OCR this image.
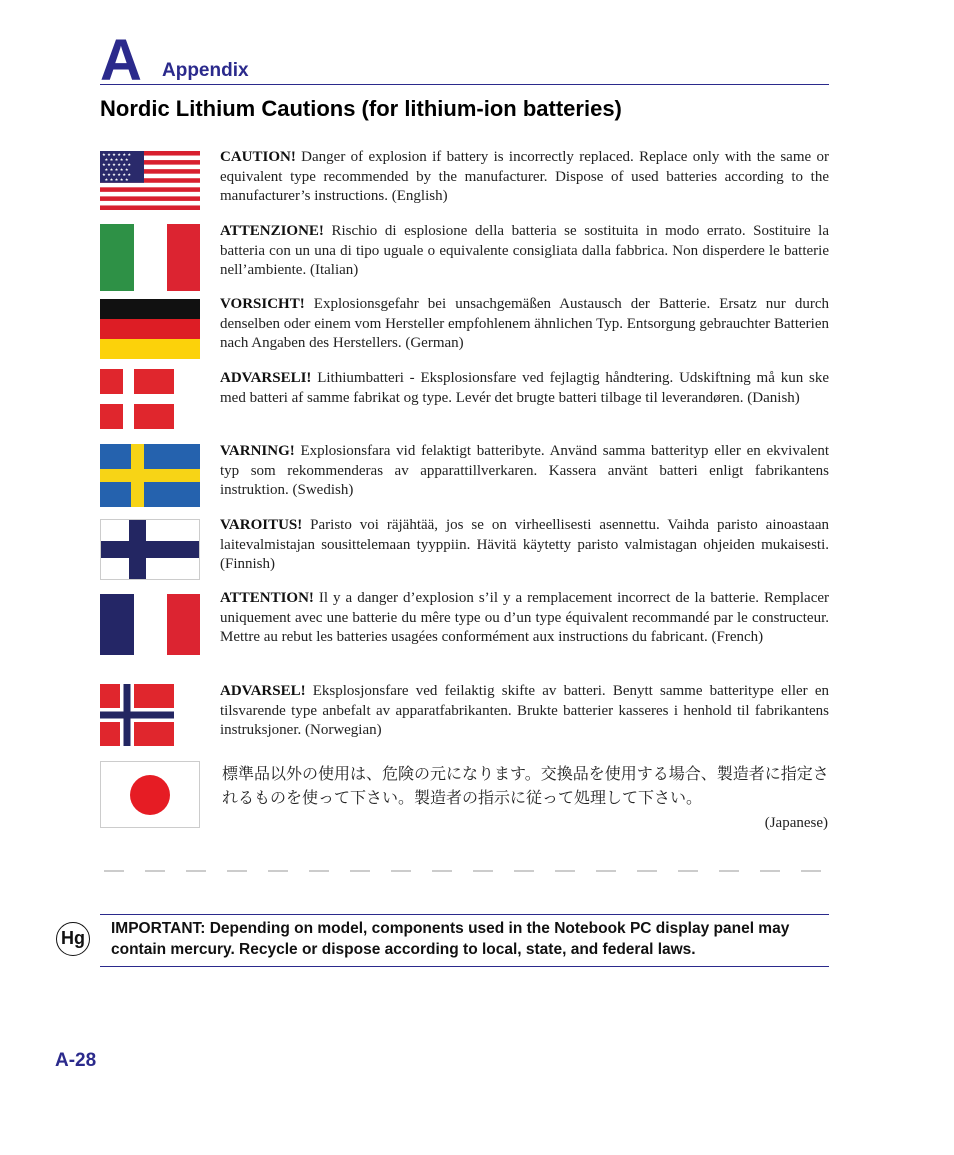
A Appendix
Nordic Lithium Cautions (for lithium-ion batteries)
★ ★ ★ ★ ★ ★
★ ★ ★ ★ ★
★ ★ ★ ★ ★ ★
★ ★ ★ ★ ★
★ ★ ★ ★ ★ ★
★ ★ ★ ★ ★
CAUTION! Danger of explosion if battery is incorrectly replaced. Replace only with the same or equivalent type recommended by the manufacturer. Dispose of used batteries according to the manufacturer’s instructions. (English)
ATTENZIONE! Rischio di esplosione della batteria se sostituita in modo errato. Sostituire la batteria con un una di tipo uguale o equivalente consigliata dalla fabbrica. Non disperdere le batterie nell’ambiente. (Italian)
VORSICHT! Explosionsgefahr bei unsachgemäßen Austausch der Batterie. Ersatz nur durch denselben oder einem vom Hersteller empfohlenem ähnlichen Typ. Entsorgung gebrauchter Batterien nach Angaben des Herstellers. (German)
ADVARSELI! Lithiumbatteri - Eksplosionsfare ved fejlagtig håndtering. Udskiftning må kun ske med batteri af samme fabrikat og type. Levér det brugte batteri tilbage til leverandøren. (Danish)
VARNING! Explosionsfara vid felaktigt batteribyte. Använd samma batterityp eller en ekvivalent typ som rekommenderas av apparattillverkaren. Kassera använt batteri enligt fabrikantens instruktion. (Swedish)
VAROITUS! Paristo voi räjähtää, jos se on virheellisesti asennettu. Vaihda paristo ainoastaan laitevalmistajan sousittelemaan tyyppiin. Hävitä käytetty paristo valmistagan ohjeiden mukaisesti. (Finnish)
ATTENTION! Il y a danger d’explosion s’il y a remplacement incorrect de la batterie. Remplacer uniquement avec une batterie du mêre type ou d’un type équivalent recommandé par le constructeur. Mettre au rebut les batteries usagées conformément aux instructions du fabricant. (French)
ADVARSEL! Eksplosjonsfare ved feilaktig skifte av batteri. Benytt samme batteritype eller en tilsvarende type anbefalt av apparatfabrikanten. Brukte batterier kasseres i henhold til fabrikantens instruksjoner. (Norwegian)
標準品以外の使用は、危険の元になります。交換品を使用する場合、製造者に指定されるものを使って下さい。製造者の指示に従って処理して下さい。
(Japanese)
Hg	IMPORTANT: Depending on model, components used in the Notebook PC display panel may contain mercury. Recycle or dispose according to local, state, and federal laws.
A-28
